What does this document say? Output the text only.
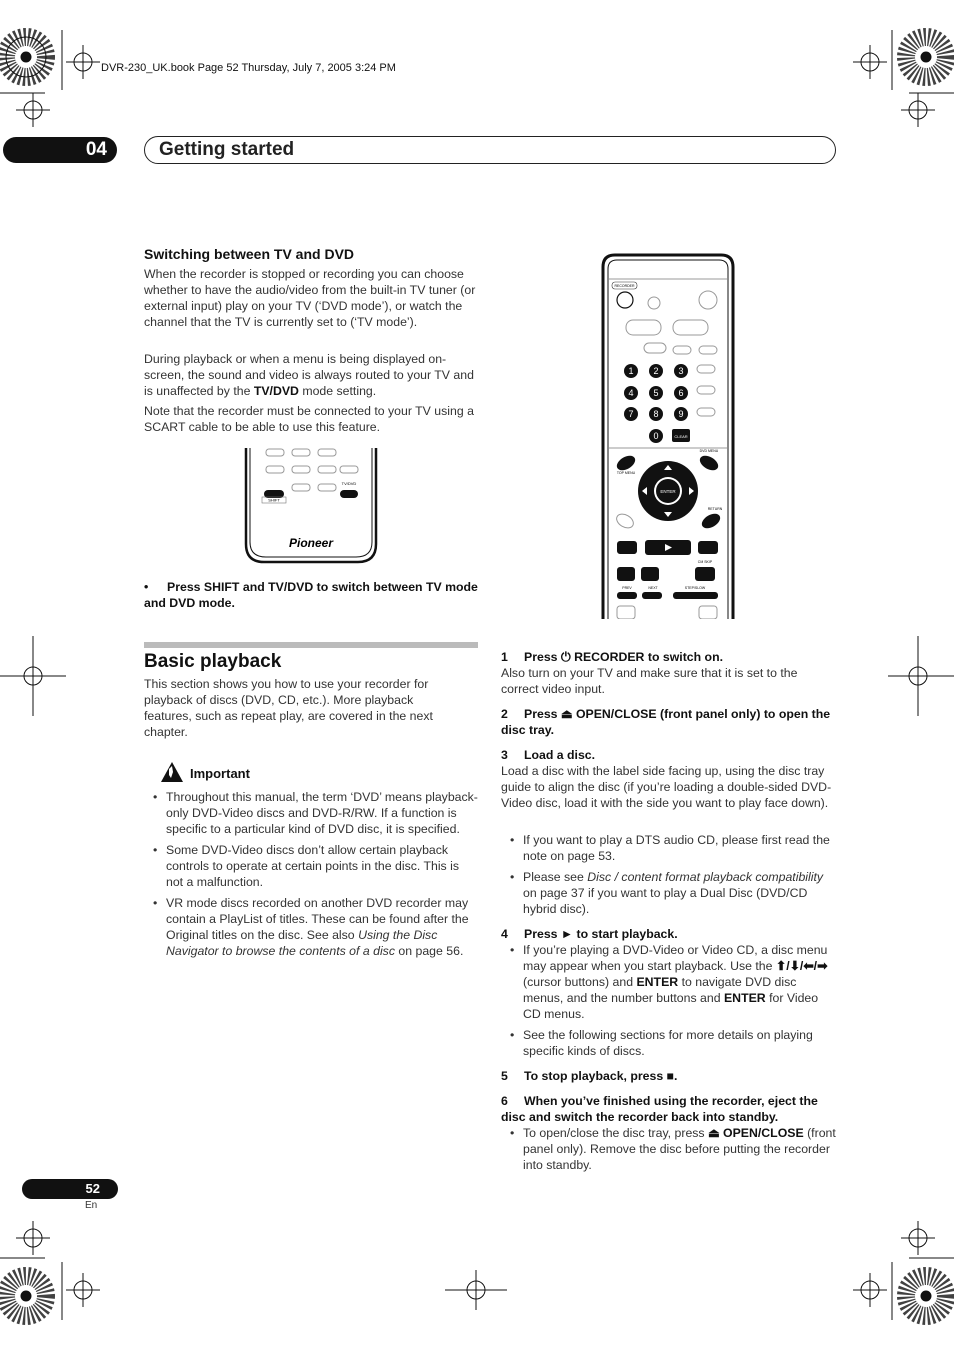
DVR-230_UK.book Page 52 Thursday, July 7, 2005 3:24 PM
04	Getting started
Switching between TV and DVD

When the recorder is stopped or recording you can choose whether to have the audio/video from the built-in TV tuner (or external input) play on your TV (‘DVD mode’), or watch the channel that the TV is currently set to (‘TV mode’).

During playback or when a menu is being displayed on-screen, the sound and video is always routed to your TV and is unaffected by the TV/DVD mode setting.

Note that the recorder must be connected to your TV using a SCART cable to be able to use this feature.

SHIFT
TV/DVD
Pioneer
• Press SHIFT and TV/DVD to switch between TV mode and DVD mode.
RECORDER
1 2 3
4 5 6
7 8 9
0	CLEAR
DVD MENU
TOP MENU
ENTER
RETURN
CM SKIP
PREV	NEXT	STEP/SLOW
Basic playback

This section shows you how to use your recorder for playback of discs (DVD, CD, etc.). More playback features, such as repeat play, are covered in the next chapter.

Important
• Throughout this manual, the term ‘DVD’ means playback-only DVD-Video discs and DVD-R/RW. If a function is specific to a particular kind of DVD disc, it is specified.
• Some DVD-Video discs don’t allow certain playback controls to operate at certain points in the disc. This is not a malfunction.
• VR mode discs recorded on another DVD recorder may contain a PlayList of titles. These can be found after the Original titles on the disc. See also Using the Disc Navigator to browse the contents of a disc on page 56.
1 Press ⏻ RECORDER to switch on.

Also turn on your TV and make sure that it is set to the correct video input.

2 Press ⏏ OPEN/CLOSE (front panel only) to open the disc tray.
3 Load a disc.

Load a disc with the label side facing up, using the disc tray guide to align the disc (if you’re loading a double-sided DVD-Video disc, load it with the side you want to play face down).

• If you want to play a DTS audio CD, please first read the note on page 53.
• Please see Disc / content format playback compatibility on page 37 if you want to play a Dual Disc (DVD/CD hybrid disc).
4 Press ► to start playback.
• If you’re playing a DVD-Video or Video CD, a disc menu may appear when you start playback. Use the ⬆/⬇/⬅/➡ (cursor buttons) and ENTER to navigate DVD disc menus, and the number buttons and ENTER for Video CD menus.
• See the following sections for more details on playing specific kinds of discs.
5 To stop playback, press ■.
6 When you’ve finished using the recorder, eject the disc and switch the recorder back into standby.
• To open/close the disc tray, press ⏏ OPEN/CLOSE (front panel only). Remove the disc before putting the recorder into standby.
52
En
